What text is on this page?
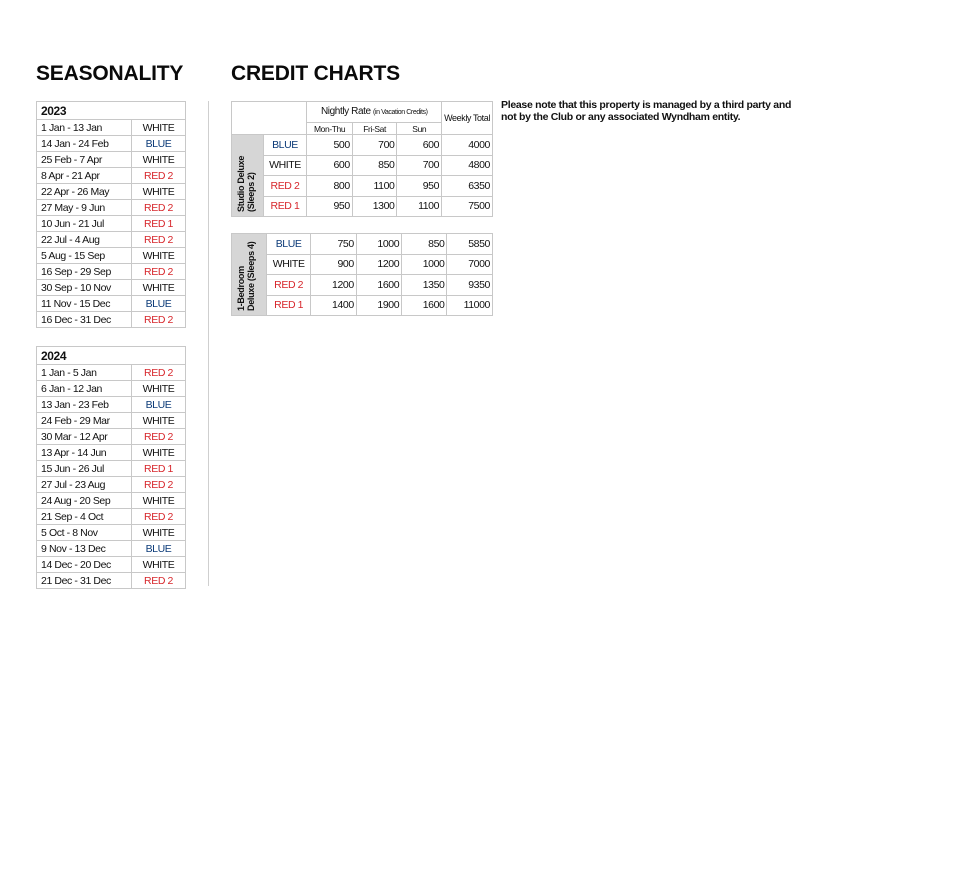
SEASONALITY CREDIT CHARTS
2023	
1 Jan - 13 Jan	WHITE
14 Jan - 24 Feb	BLUE
25 Feb - 7 Apr	WHITE
8 Apr - 21 Apr	RED 2
22 Apr - 26 May	WHITE
27 May - 9 Jun	RED 2
10 Jun - 21 Jul	RED 1
22 Jul - 4 Aug	RED 2
5 Aug - 15 Sep	WHITE
16 Sep - 29 Sep	RED 2
30 Sep - 10 Nov	WHITE
11 Nov - 15 Dec	BLUE
16 Dec - 31 Dec	RED 2
2024	
1 Jan - 5 Jan	RED 2
6 Jan - 12 Jan	WHITE
13 Jan - 23 Feb	BLUE
24 Feb - 29 Mar	WHITE
30 Mar - 12 Apr	RED 2
13 Apr - 14 Jun	WHITE
15 Jun - 26 Jul	RED 1
27 Jul - 23 Aug	RED 2
24 Aug - 20 Sep	WHITE
21 Sep - 4 Oct	RED 2
5 Oct - 8 Nov	WHITE
9 Nov - 13 Dec	BLUE
14 Dec - 20 Dec	WHITE
21 Dec - 31 Dec	RED 2
		Nightly Rate (in Vacation Credits)			Weekly Total
		Mon-Thu	Fri-Sat	Sun	

Studio Deluxe (Sleeps 2)	BLUE	500	700	600	4000
	WHITE	600	850	700	4800
	RED 2	800	1100	950	6350
	RED 1	950	1300	1100	7500
1-Bedroom Deluxe (Sleeps 4)	BLUE	750	1000	850	5850
	WHITE	900	1200	1000	7000
	RED 2	1200	1600	1350	9350
	RED 1	1400	1900	1600	11000
Please note that this property is managed by a third party and not by the Club or any associated Wyndham entity.
